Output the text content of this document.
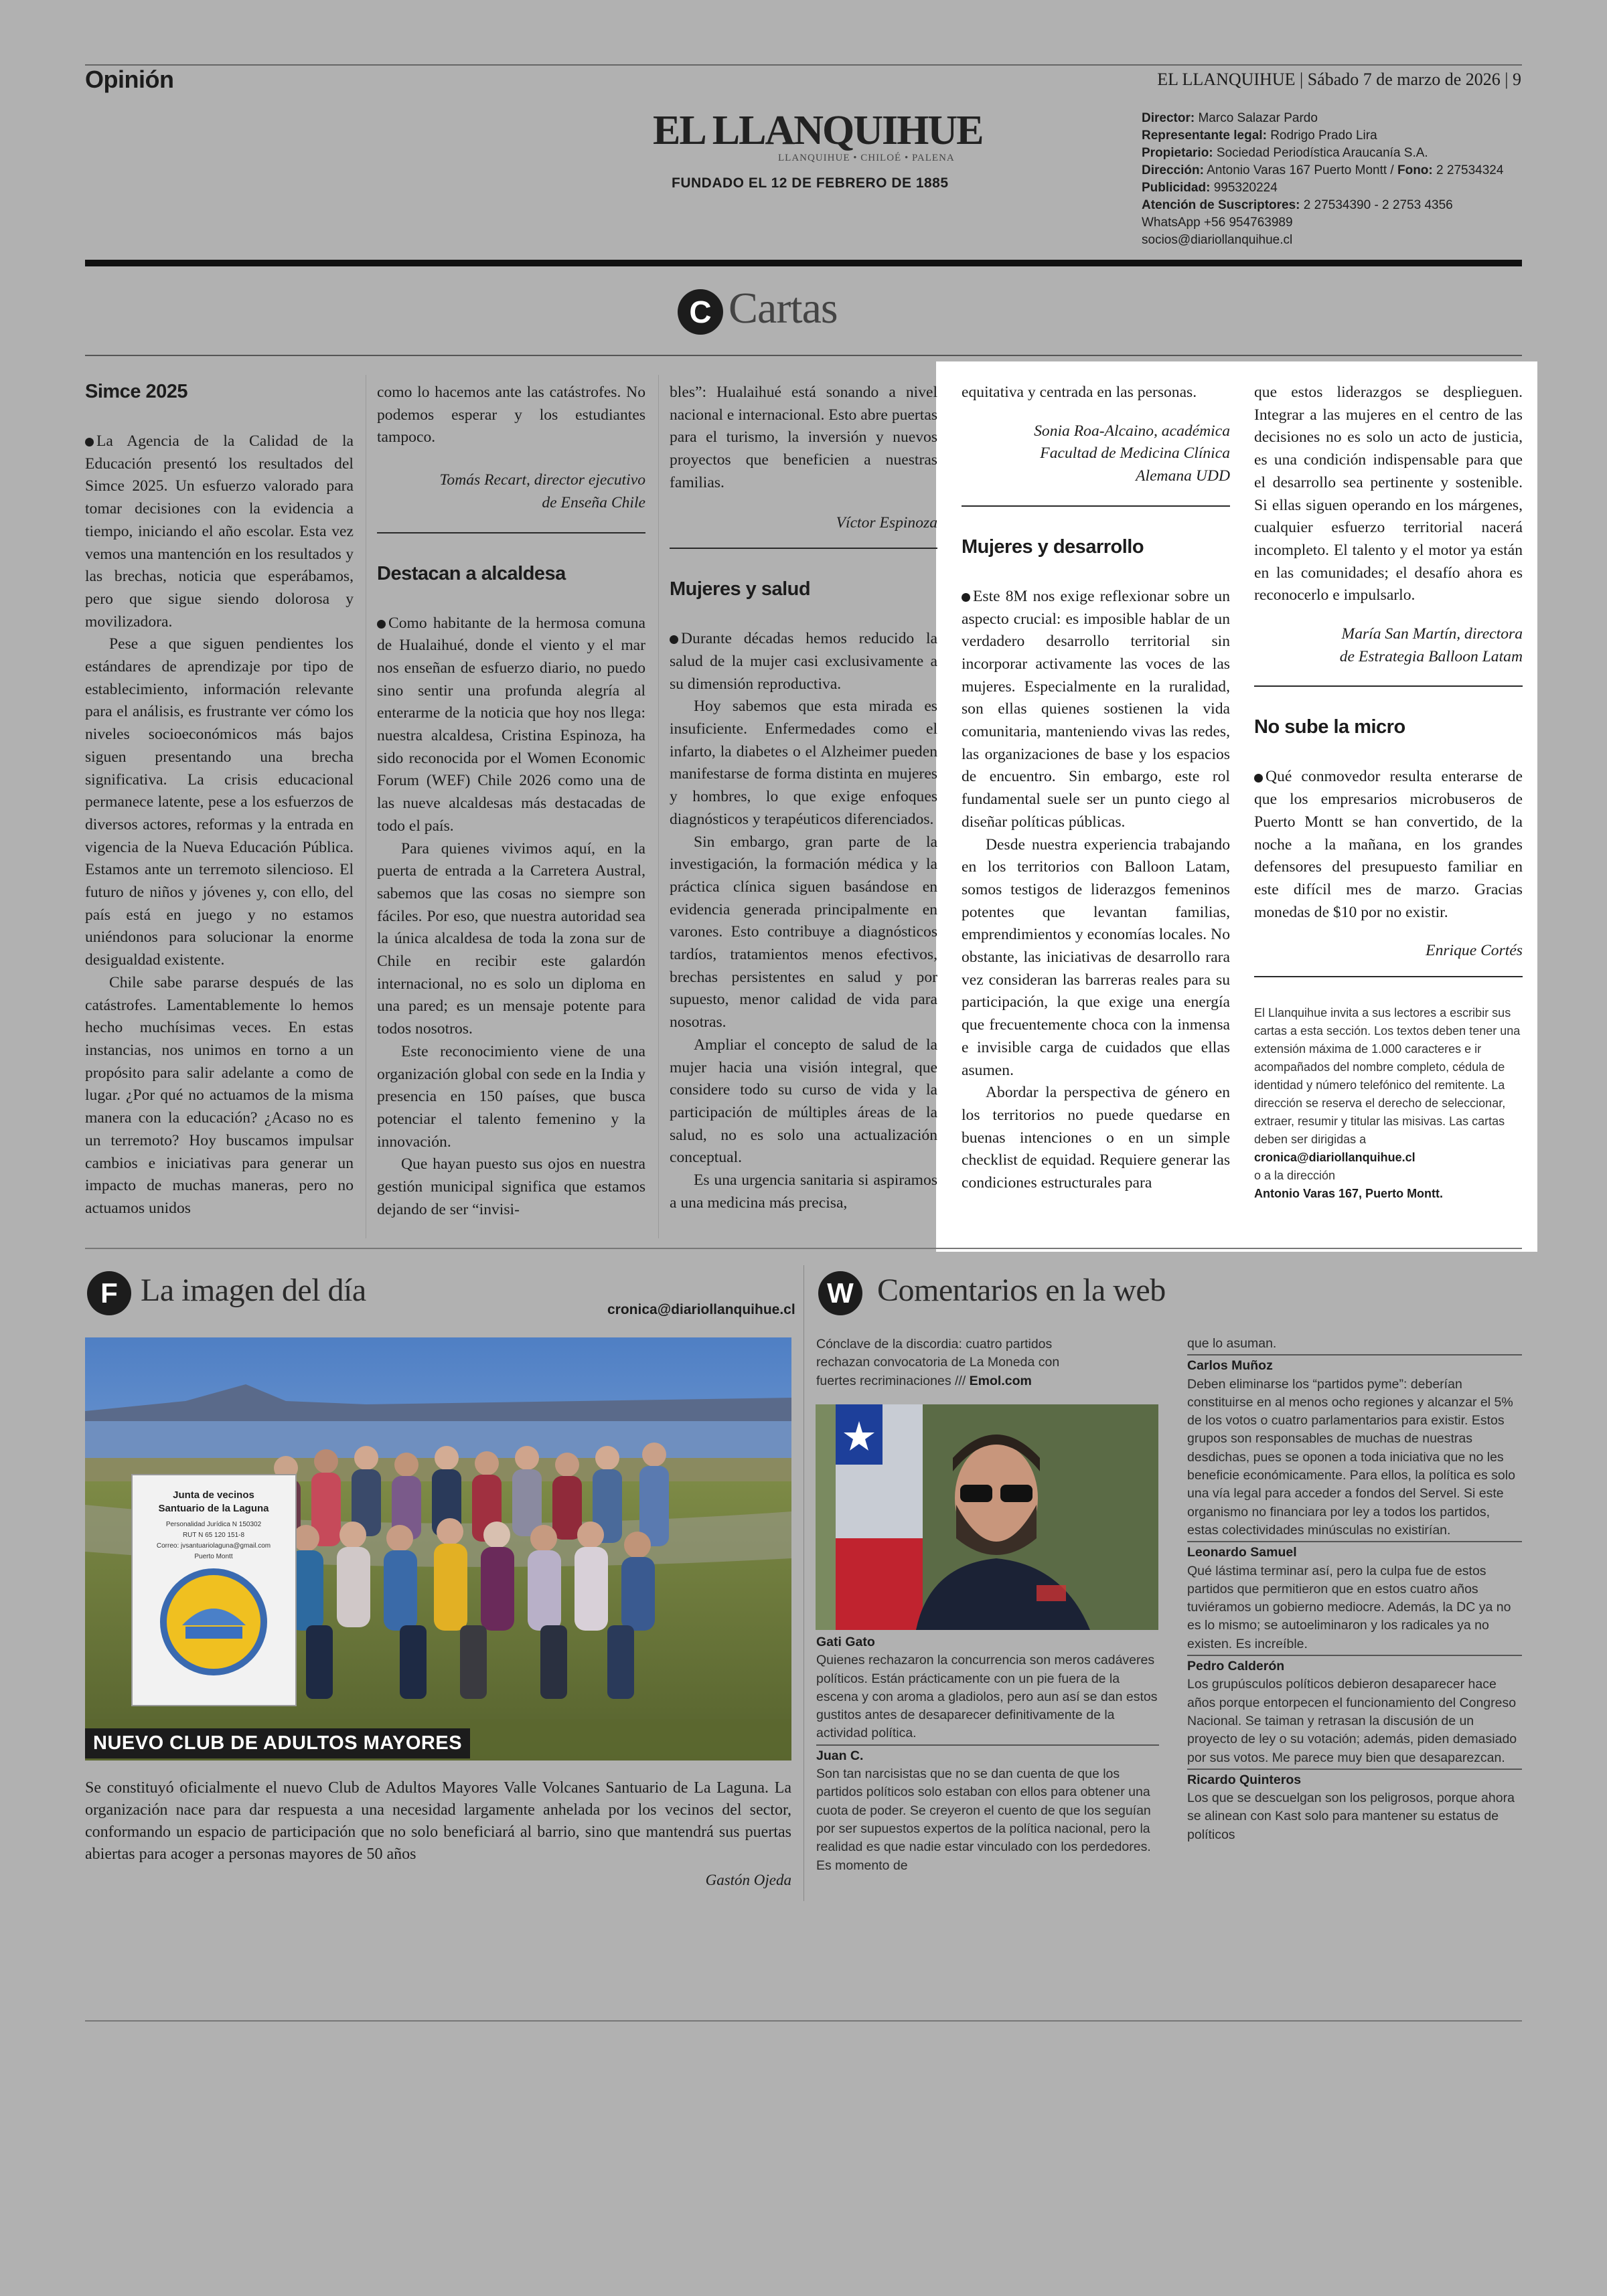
Opinión	EL LLANQUIHUE | Sábado 7 de marzo de 2026 | 9
EL LLANQUIHUE
LLANQUIHUE • CHILOÉ • PALENA
FUNDADO EL 12 DE FEBRERO DE 1885
Director: Marco Salazar Pardo
Representante legal: Rodrigo Prado Lira
Propietario: Sociedad Periodística Araucanía S.A.
Dirección: Antonio Varas 167 Puerto Montt / Fono: 2 27534324
Publicidad: 995320224
Atención de Suscriptores: 2 27534390 - 2 2753 4356
WhatsApp +56 954763989
socios@diariollanquihue.cl
C Cartas
Simce 2025

La Agencia de la Calidad de la Educación presentó los resultados del Simce 2025. Un esfuerzo valorado para tomar decisiones con la evidencia a tiempo, iniciando el año escolar. Esta vez vemos una mantención en los resultados y las brechas, noticia que esperábamos, pero que sigue siendo dolorosa y movilizadora.

Pese a que siguen pendientes los estándares de aprendizaje por tipo de establecimiento, información relevante para el análisis, es frustrante ver cómo los niveles socioeconómicos más bajos siguen presentando una brecha significativa. La crisis educacional permanece latente, pese a los esfuerzos de diversos actores, reformas y la entrada en vigencia de la Nueva Educación Pública. Estamos ante un terremoto silencioso. El futuro de niños y jóvenes y, con ello, del país está en juego y no estamos uniéndonos para solucionar la enorme desigualdad existente.

Chile sabe pararse después de las catástrofes. Lamentablemente lo hemos hecho muchísimas veces. En estas instancias, nos unimos en torno a un propósito para salir adelante a como de lugar. ¿Por qué no actuamos de la misma manera con la educación? ¿Acaso no es un terremoto? Hoy buscamos impulsar cambios e iniciativas para generar un impacto de muchas maneras, pero no actuamos unidos

como lo hacemos ante las catástrofes. No podemos esperar y los estudiantes tampoco.

Tomás Recart, director ejecutivo

de Enseña Chile

Destacan a alcaldesa

Como habitante de la hermosa comuna de Hualaihué, donde el viento y el mar nos enseñan de esfuerzo diario, no puedo sino sentir una profunda alegría al enterarme de la noticia que hoy nos llega: nuestra alcaldesa, Cristina Espinoza, ha sido reconocida por el Women Economic Forum (WEF) Chile 2026 como una de las nueve alcaldesas más destacadas de todo el país.

Para quienes vivimos aquí, en la puerta de entrada a la Carretera Austral, sabemos que las cosas no siempre son fáciles. Por eso, que nuestra autoridad sea la única alcaldesa de toda la zona sur de Chile en recibir este galardón internacional, no es solo un diploma en una pared; es un mensaje potente para todos nosotros.

Este reconocimiento viene de una organización global con sede en la India y presencia en 150 países, que busca potenciar el talento femenino y la innovación.

Que hayan puesto sus ojos en nuestra gestión municipal significa que estamos dejando de ser “invisi-

bles”: Hualaihué está sonando a nivel nacional e internacional. Esto abre puertas para el turismo, la inversión y nuevos proyectos que beneficien a nuestras familias.

Víctor Espinoza

Mujeres y salud

Durante décadas hemos reducido la salud de la mujer casi exclusivamente a su dimensión reproductiva.

Hoy sabemos que esta mirada es insuficiente. Enfermedades como el infarto, la diabetes o el Alzheimer pueden manifestarse de forma distinta en mujeres y hombres, lo que exige enfoques diagnósticos y terapéuticos diferenciados.

Sin embargo, gran parte de la investigación, la formación médica y la práctica clínica siguen basándose en evidencia generada principalmente en varones. Esto contribuye a diagnósticos tardíos, tratamientos menos efectivos, brechas persistentes en salud y por supuesto, menor calidad de vida para nosotras.

Ampliar el concepto de salud de la mujer hacia una visión integral, que considere todo su curso de vida y la participación de múltiples áreas de la salud, no es solo una actualización conceptual.

Es una urgencia sanitaria si aspiramos a una medicina más precisa,

equitativa y centrada en las personas.

Sonia Roa-Alcaino, académica

Facultad de Medicina Clínica

Alemana UDD

Mujeres y desarrollo

Este 8M nos exige reflexionar sobre un aspecto crucial: es imposible hablar de un verdadero desarrollo territorial sin incorporar activamente las voces de las mujeres. Especialmente en la ruralidad, son ellas quienes sostienen la vida comunitaria, manteniendo vivas las redes, las organizaciones de base y los espacios de encuentro. Sin embargo, este rol fundamental suele ser un punto ciego al diseñar políticas públicas.

Desde nuestra experiencia trabajando en los territorios con Balloon Latam, somos testigos de liderazgos femeninos potentes que levantan familias, emprendimientos y economías locales. No obstante, las iniciativas de desarrollo rara vez consideran las barreras reales para su participación, la que exige una energía que frecuentemente choca con la inmensa e invisible carga de cuidados que ellas asumen.

Abordar la perspectiva de género en los territorios no puede quedarse en buenas intenciones o en un simple checklist de equidad. Requiere generar las condiciones estructurales para

que estos liderazgos se desplieguen. Integrar a las mujeres en el centro de las decisiones no es solo un acto de justicia, es una condición indispensable para que el desarrollo sea pertinente y sostenible. Si ellas siguen operando en los márgenes, cualquier esfuerzo territorial nacerá incompleto. El talento y el motor ya están en las comunidades; el desafío ahora es reconocerlo e impulsarlo.

María San Martín, directora

de Estrategia Balloon Latam

No sube la micro

Qué conmovedor resulta enterarse de que los empresarios microbuseros de Puerto Montt se han convertido, de la noche a la mañana, en los grandes defensores del presupuesto familiar en este difícil mes de marzo. Gracias monedas de $10 por no existir.

Enrique Cortés

El Llanquihue invita a sus lectores a escribir sus cartas a esta sección. Los textos deben tener una extensión máxima de 1.000 caracteres e ir acompañados del nombre completo, cédula de identidad y número telefónico del remitente. La dirección se reserva el derecho de seleccionar, extraer, resumir y titular las misivas. Las cartas deben ser dirigidas a
cronica@diariollanquihue.cl
o a la dirección
Antonio Varas 167, Puerto Montt.
F La imagen del día
cronica@diariollanquihue.cl
Junta de vecinos
Santuario de la Laguna
Personalidad Jurídica N 150302
RUT N 65 120 151-8
Correo: jvsantuariolaguna@gmail.com
Puerto Montt
NUEVO CLUB DE ADULTOS MAYORES
Se constituyó oficialmente el nuevo Club de Adultos Mayores Valle Volcanes Santuario de La Laguna. La organización nace para dar respuesta a una necesidad largamente anhelada por los vecinos del sector, conformando un espacio de participación que no solo beneficiará al barrio, sino que mantendrá sus puertas abiertas para acoger a personas mayores de 50 años
Gastón Ojeda
W Comentarios en la web
Cónclave de la discordia: cuatro partidos rechazan convocatoria de La Moneda con fuertes recriminaciones /// Emol.com
Gati Gato
Quienes rechazaron la concurrencia son meros cadáveres políticos. Están prácticamente con un pie fuera de la escena y con aroma a gladiolos, pero aun así se dan estos gustitos antes de desaparecer definitivamente de la actividad política.
Juan C.
Son tan narcisistas que no se dan cuenta de que los partidos políticos solo estaban con ellos para obtener una cuota de poder. Se creyeron el cuento de que los seguían por ser supuestos expertos de la política nacional, pero la realidad es que nadie estar vinculado con los perdedores. Es momento de
que lo asuman.
Carlos Muñoz
Deben eliminarse los “partidos pyme”: deberían constituirse en al menos ocho regiones y alcanzar el 5% de los votos o cuatro parlamentarios para existir. Estos grupos son responsables de muchas de nuestras desdichas, pues se oponen a toda iniciativa que no les beneficie económicamente. Para ellos, la política es solo una vía legal para acceder a fondos del Servel. Si este organismo no financiara por ley a todos los partidos, estas colectividades minúsculas no existirían.
Leonardo Samuel
Qué lástima terminar así, pero la culpa fue de estos partidos que permitieron que en estos cuatro años tuviéramos un gobierno mediocre. Además, la DC ya no es lo mismo; se autoeliminaron y los radicales ya no existen. Es increíble.
Pedro Calderón
Los grupúsculos políticos debieron desaparecer hace años porque entorpecen el funcionamiento del Congreso Nacional. Se taiman y retrasan la discusión de un proyecto de ley o su votación; además, piden demasiado por sus votos. Me parece muy bien que desaparezcan.
Ricardo Quinteros
Los que se descuelgan son los peligrosos, porque ahora se alinean con Kast solo para mantener su estatus de políticos
